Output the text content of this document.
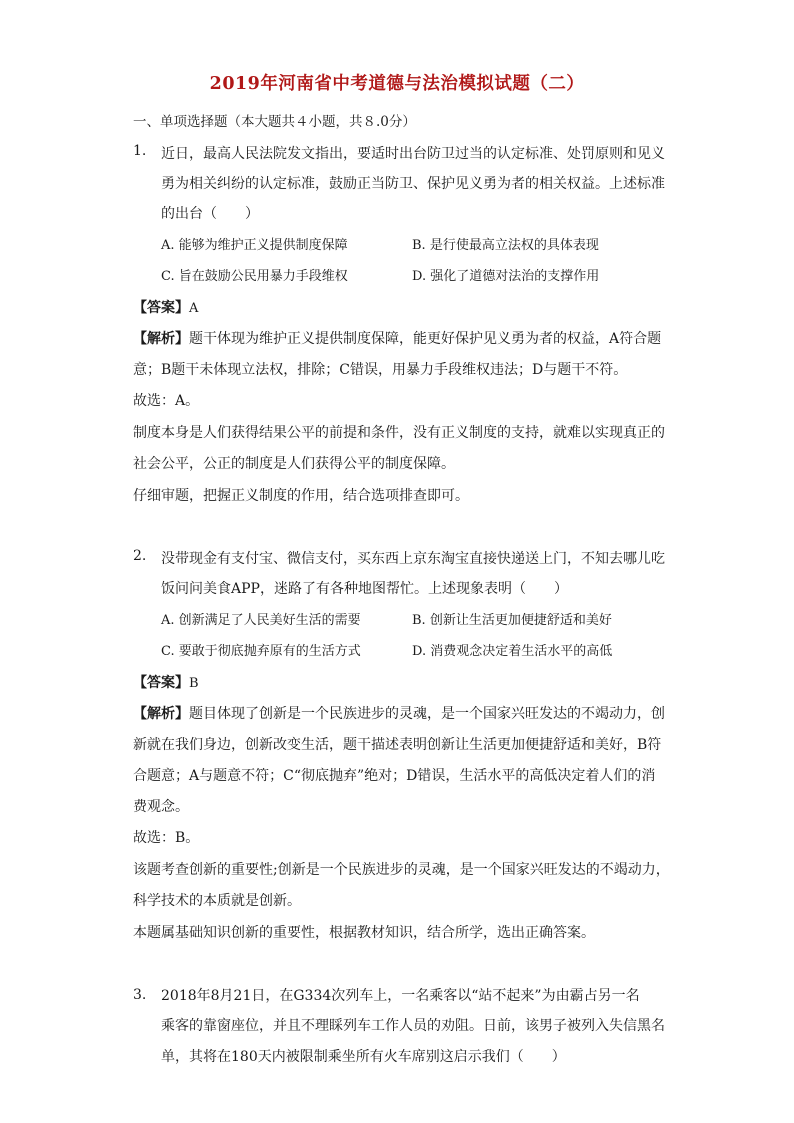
2019年河南省中考道德与法治模拟试题（二）
一、单项选择题（本大题共４小题，共８.0分）
1. 近日，最高人民法院发文指出，要适时出台防卫过当的认定标准、处罚原则和见义
勇为相关纠纷的认定标准，鼓励正当防卫、保护见义勇为者的相关权益。上述标准
的出台（　　）
A. 能够为维护正义提供制度保障	B. 是行使最高立法权的具体表现
C. 旨在鼓励公民用暴力手段维权	D. 强化了道德对法治的支撑作用
【答案】A
【解析】题干体现为维护正义提供制度保障，能更好保护见义勇为者的权益，A符合题
意；B题干未体现立法权，排除；C错误，用暴力手段维权违法；D与题干不符。
故选：A。
制度本身是人们获得结果公平的前提和条件，没有正义制度的支持，就难以实现真正的
社会公平，公正的制度是人们获得公平的制度保障。
仔细审题，把握正义制度的作用，结合选项排查即可。
2. 没带现金有支付宝、微信支付，买东西上京东淘宝直接快递送上门，不知去哪儿吃
饭问问美食APP，迷路了有各种地图帮忙。上述现象表明（　　）
A. 创新满足了人民美好生活的需要	B. 创新让生活更加便捷舒适和美好
C. 要敢于彻底抛弃原有的生活方式	D. 消费观念决定着生活水平的高低
【答案】B
【解析】题目体现了创新是一个民族进步的灵魂，是一个国家兴旺发达的不竭动力，创
新就在我们身边，创新改变生活，题干描述表明创新让生活更加便捷舒适和美好，B符
合题意；A与题意不符；C“彻底抛弃”绝对；D错误，生活水平的高低决定着人们的消
费观念。
故选：B。
该题考查创新的重要性;创新是一个民族进步的灵魂，是一个国家兴旺发达的不竭动力，
科学技术的本质就是创新。
本题属基础知识创新的重要性，根据教材知识，结合所学，选出正确答案。
3. 2018年8月21日，在G334次列车上，一名乘客以“站不起来”为由霸占另一名
乘客的靠窗座位，并且不理睬列车工作人员的劝阻。日前，该男子被列入失信黑名
单，其将在180天内被限制乘坐所有火车席别这启示我们（　　）
